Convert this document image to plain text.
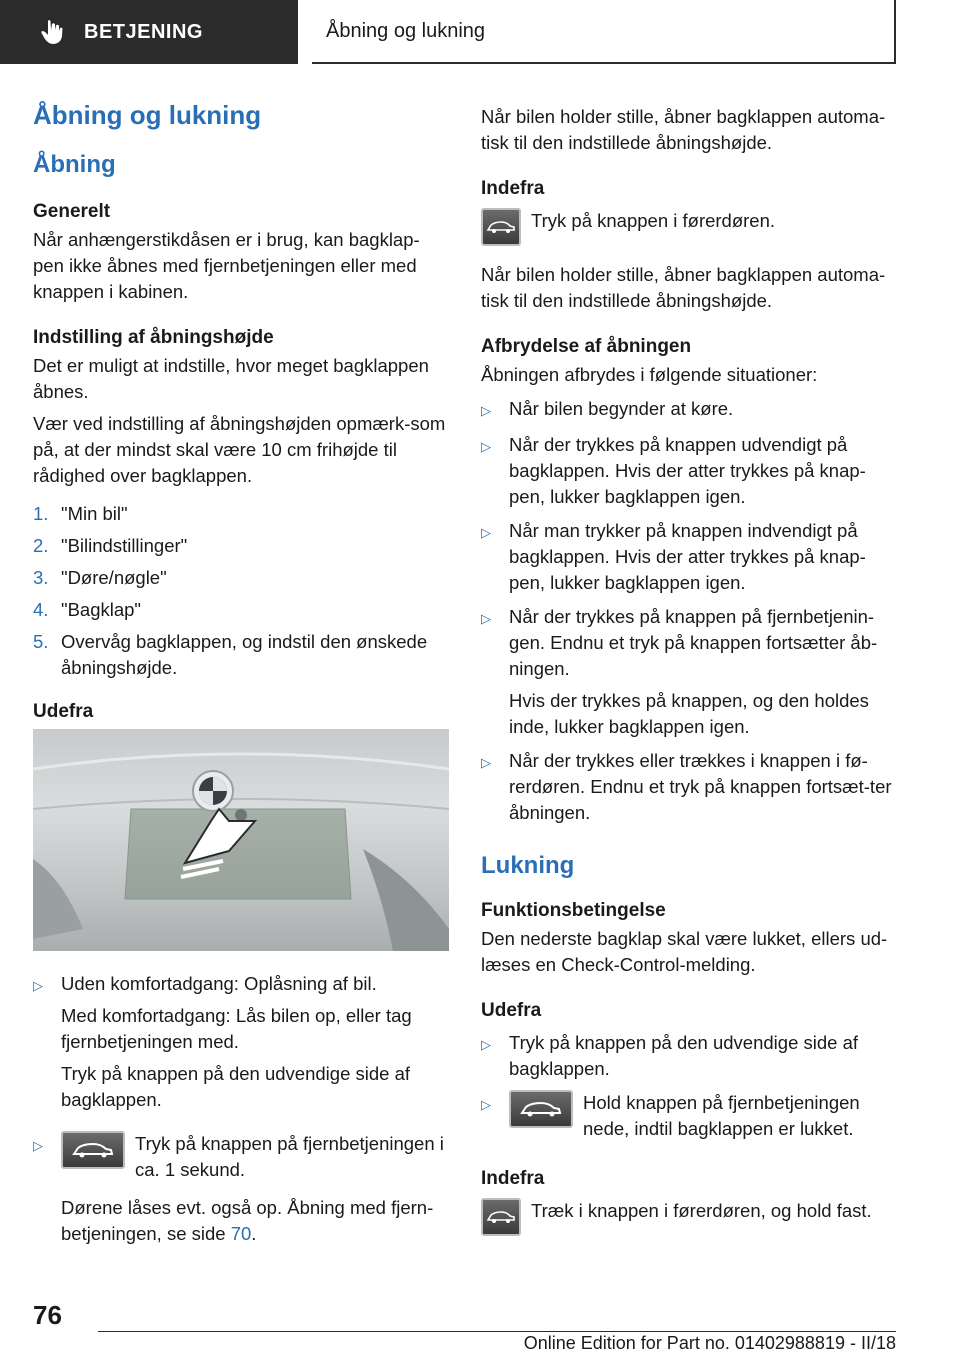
BETJENING	Åbning og lukning
Åbning og lukning
Åbning
Generelt

Når anhængerstikdåsen er i brug, kan bagklap-pen ikke åbnes med fjernbetjeningen eller med knappen i kabinen.

Indstilling af åbningshøjde

Det er muligt at indstille, hvor meget bagklappen åbnes.

Vær ved indstilling af åbningshøjden opmærk-som på, at der mindst skal være 10 cm frihøjde til rådighed over bagklappen.

1. "Min bil"
2. "Bilindstillinger"
3. "Døre/nøgle"
4. "Bagklap"
5. Overvåg bagklappen, og indstil den ønskede åbningshøjde.
Udefra
▷ Uden komfortadgang: Oplåsning af bil.

Med komfortadgang: Lås bilen op, eller tag fjernbetjeningen med.

Tryk på knappen på den udvendige side af bagklappen.

▷	Tryk på knappen på fjernbetjeningen i ca. 1 sekund.

Dørene låses evt. også op. Åbning med fjern-betjeningen, se side 70.

Når bilen holder stille, åbner bagklappen automa-tisk til den indstillede åbningshøjde.

Indefra

Tryk på knappen i førerdøren.

Når bilen holder stille, åbner bagklappen automa-tisk til den indstillede åbningshøjde.

Afbrydelse af åbningen

Åbningen afbrydes i følgende situationer:

▷ Når bilen begynder at køre.
▷ Når der trykkes på knappen udvendigt på bagklappen. Hvis der atter trykkes på knap-pen, lukker bagklappen igen.
▷ Når man trykker på knappen indvendigt på bagklappen. Hvis der atter trykkes på knap-pen, lukker bagklappen igen.
▷ Når der trykkes på knappen på fjernbetjenin-gen. Endnu et tryk på knappen fortsætter åb-ningen.

Hvis der trykkes på knappen, og den holdes inde, lukker bagklappen igen.

▷ Når der trykkes eller trækkes i knappen i fø-rerdøren. Endnu et tryk på knappen fortsæt-ter åbningen.
Lukning
Funktionsbetingelse

Den nederste bagklap skal være lukket, ellers ud-læses en Check-Control-melding.

Udefra
▷ Tryk på knappen på den udvendige side af bagklappen.
▷	Hold knappen på fjernbetjeningen nede, indtil bagklappen er lukket.

Indefra

Træk i knappen i førerdøren, og hold fast.

76
Online Edition for Part no. 01402988819 - II/18
